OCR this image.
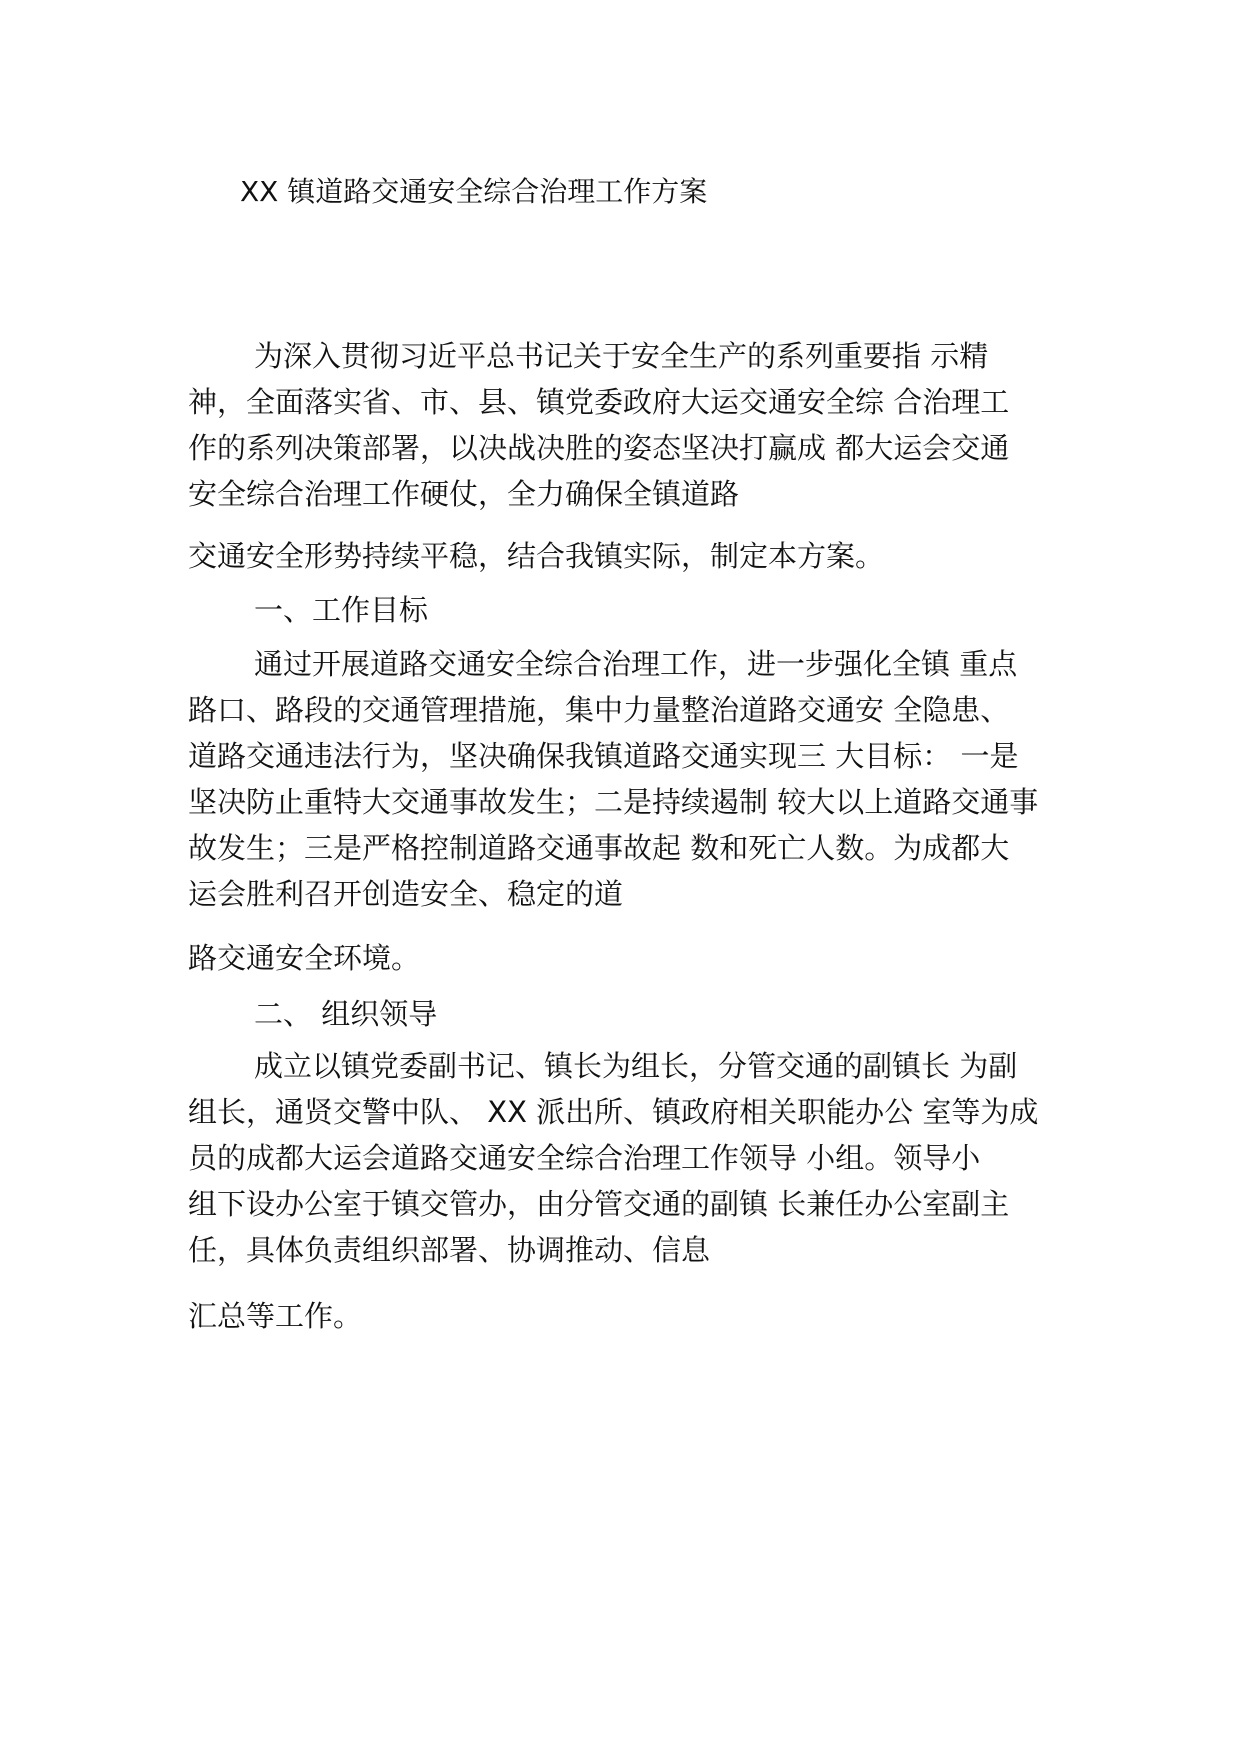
XX 镇道路交通安全综合治理工作方案
为深入贯彻习近平总书记关于安全生产的系列重要指 示精
神，全面落实省、市、县、镇党委政府大运交通安全综 合治理工
作的系列决策部署，以决战决胜的姿态坚决打赢成 都大运会交通
安全综合治理工作硬仗，全力确保全镇道路
交通安全形势持续平稳，结合我镇实际，制定本方案。
一、工作目标
通过开展道路交通安全综合治理工作，进一步强化全镇 重点
路口、路段的交通管理措施，集中力量整治道路交通安 全隐患、
道路交通违法行为，坚决确保我镇道路交通实现三 大目标： 一是
坚决防止重特大交通事故发生；二是持续遏制 较大以上道路交通事
故发生；三是严格控制道路交通事故起 数和死亡人数。为成都大
运会胜利召开创造安全、稳定的道
路交通安全环境。
二、 组织领导
成立以镇党委副书记、镇长为组长，分管交通的副镇长 为副
组长，通贤交警中队、 XX 派出所、镇政府相关职能办公 室等为成
员的成都大运会道路交通安全综合治理工作领导 小组。领导小
组下设办公室于镇交管办，由分管交通的副镇 长兼任办公室副主
任，具体负责组织部署、协调推动、信息
汇总等工作。
